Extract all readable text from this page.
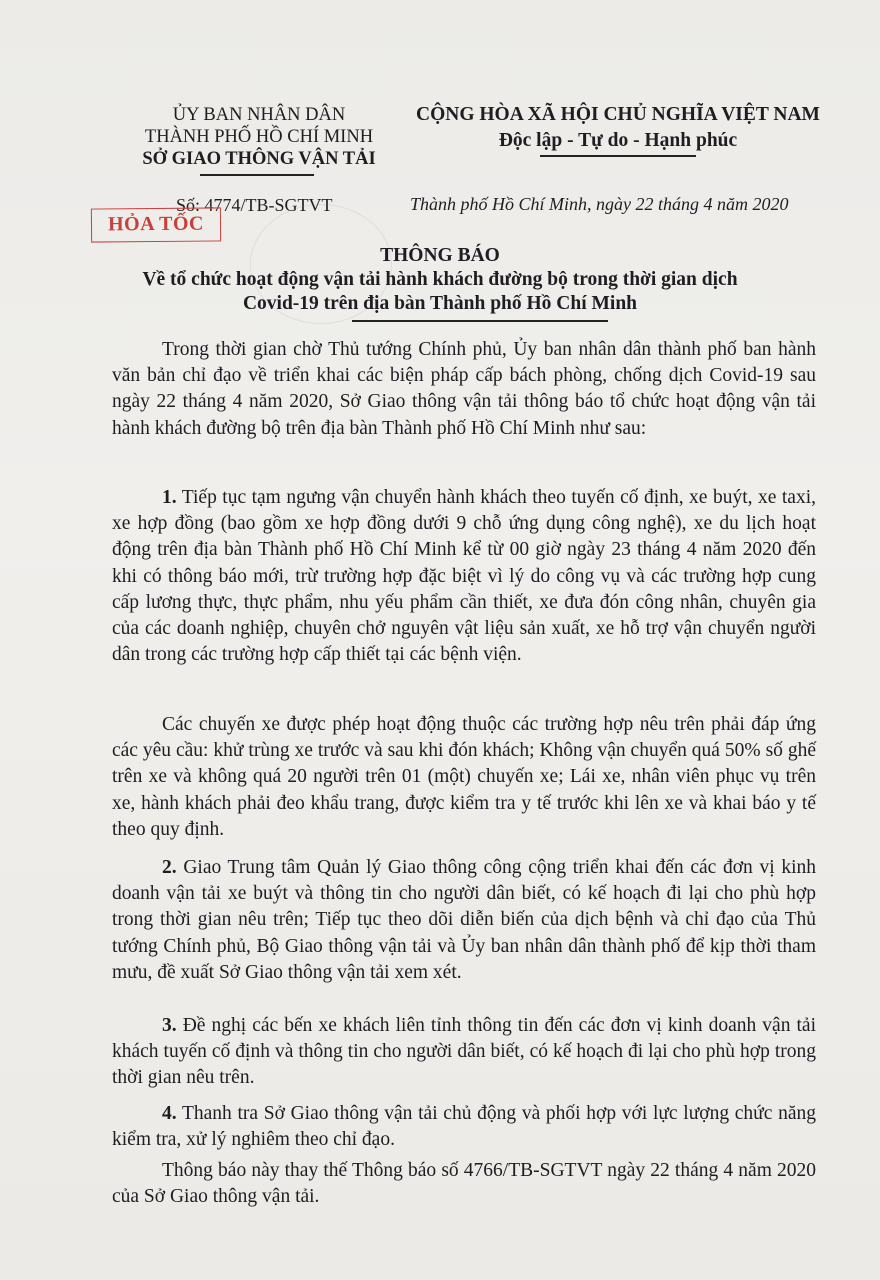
ỦY BAN NHÂN DÂN
THÀNH PHỐ HỒ CHÍ MINH
SỞ GIAO THÔNG VẬN TẢI
CỘNG HÒA XÃ HỘI CHỦ NGHĨA VIỆT NAM
Độc lập - Tự do - Hạnh phúc
Số: 4774/TB-SGTVT	Thành phố Hồ Chí Minh, ngày 22 tháng 4 năm 2020
HỎA TỐC
THÔNG BÁO
Về tổ chức hoạt động vận tải hành khách đường bộ trong thời gian dịch
Covid-19 trên địa bàn Thành phố Hồ Chí Minh

Trong thời gian chờ Thủ tướng Chính phủ, Ủy ban nhân dân thành phố ban hành văn bản chỉ đạo về triển khai các biện pháp cấp bách phòng, chống dịch Covid-19 sau ngày 22 tháng 4 năm 2020, Sở Giao thông vận tải thông báo tổ chức hoạt động vận tải hành khách đường bộ trên địa bàn Thành phố Hồ Chí Minh như sau:

1. Tiếp tục tạm ngưng vận chuyển hành khách theo tuyến cố định, xe buýt, xe taxi, xe hợp đồng (bao gồm xe hợp đồng dưới 9 chỗ ứng dụng công nghệ), xe du lịch hoạt động trên địa bàn Thành phố Hồ Chí Minh kể từ 00 giờ ngày 23 tháng 4 năm 2020 đến khi có thông báo mới, trừ trường hợp đặc biệt vì lý do công vụ và các trường hợp cung cấp lương thực, thực phẩm, nhu yếu phẩm cần thiết, xe đưa đón công nhân, chuyên gia của các doanh nghiệp, chuyên chở nguyên vật liệu sản xuất, xe hỗ trợ vận chuyển người dân trong các trường hợp cấp thiết tại các bệnh viện.

Các chuyến xe được phép hoạt động thuộc các trường hợp nêu trên phải đáp ứng các yêu cầu: khử trùng xe trước và sau khi đón khách; Không vận chuyển quá 50% số ghế trên xe và không quá 20 người trên 01 (một) chuyến xe; Lái xe, nhân viên phục vụ trên xe, hành khách phải đeo khẩu trang, được kiểm tra y tế trước khi lên xe và khai báo y tế theo quy định.

2. Giao Trung tâm Quản lý Giao thông công cộng triển khai đến các đơn vị kinh doanh vận tải xe buýt và thông tin cho người dân biết, có kế hoạch đi lại cho phù hợp trong thời gian nêu trên; Tiếp tục theo dõi diễn biến của dịch bệnh và chỉ đạo của Thủ tướng Chính phủ, Bộ Giao thông vận tải và Ủy ban nhân dân thành phố để kịp thời tham mưu, đề xuất Sở Giao thông vận tải xem xét.

3. Đề nghị các bến xe khách liên tỉnh thông tin đến các đơn vị kinh doanh vận tải khách tuyến cố định và thông tin cho người dân biết, có kế hoạch đi lại cho phù hợp trong thời gian nêu trên.

4. Thanh tra Sở Giao thông vận tải chủ động và phối hợp với lực lượng chức năng kiểm tra, xử lý nghiêm theo chỉ đạo.

Thông báo này thay thế Thông báo số 4766/TB-SGTVT ngày 22 tháng 4 năm 2020 của Sở Giao thông vận tải.
